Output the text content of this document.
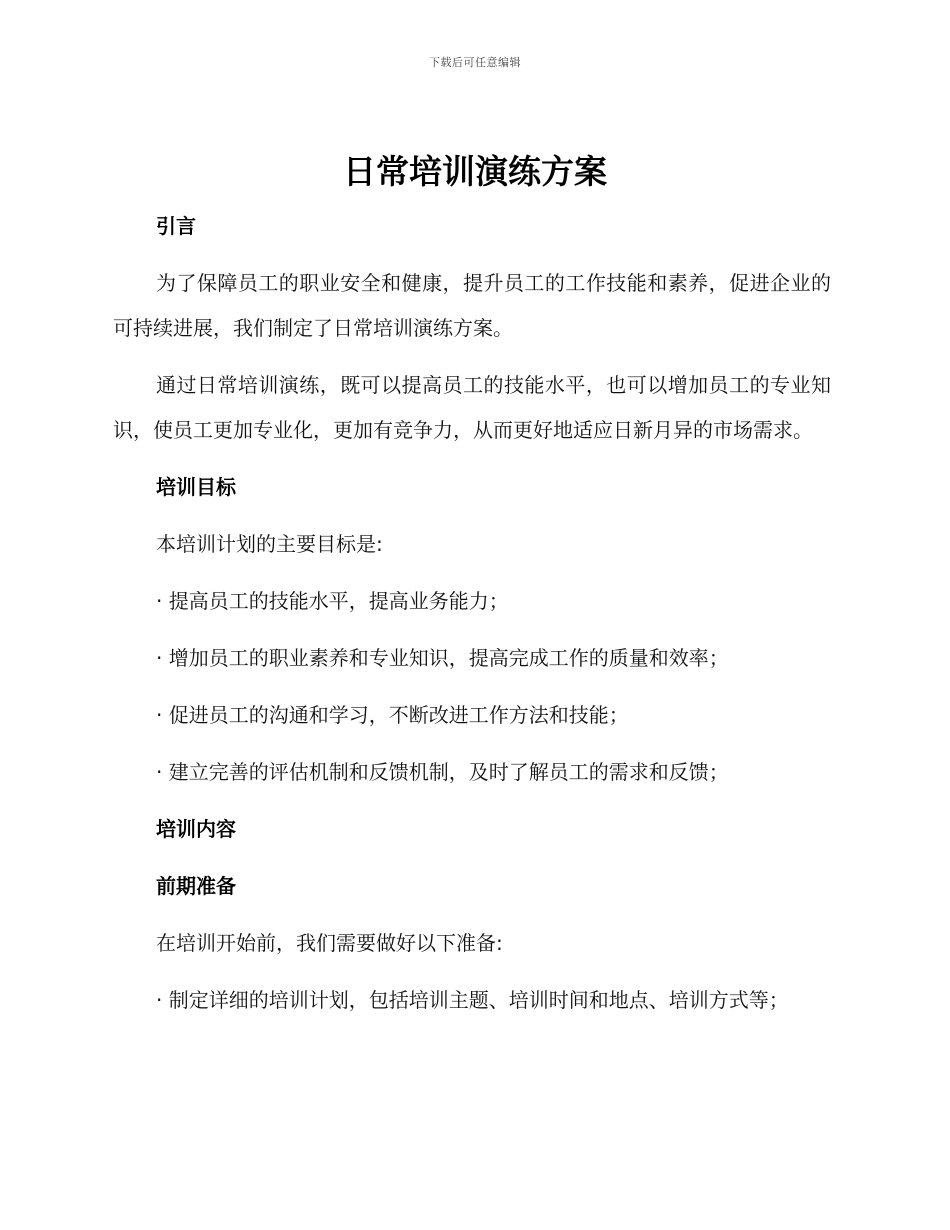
下载后可任意编辑
日常培训演练方案
引言
为了保障员工的职业安全和健康，提升员工的工作技能和素养，促进企业的可持续进展，我们制定了日常培训演练方案。
通过日常培训演练，既可以提高员工的技能水平，也可以增加员工的专业知识，使员工更加专业化，更加有竞争力，从而更好地适应日新月异的市场需求。
培训目标
本培训计划的主要目标是:
· 提高员工的技能水平，提高业务能力；
· 增加员工的职业素养和专业知识，提高完成工作的质量和效率；
· 促进员工的沟通和学习，不断改进工作方法和技能；
· 建立完善的评估机制和反馈机制，及时了解员工的需求和反馈；
培训内容
前期准备
在培训开始前，我们需要做好以下准备:
· 制定详细的培训计划，包括培训主题、培训时间和地点、培训方式等；
